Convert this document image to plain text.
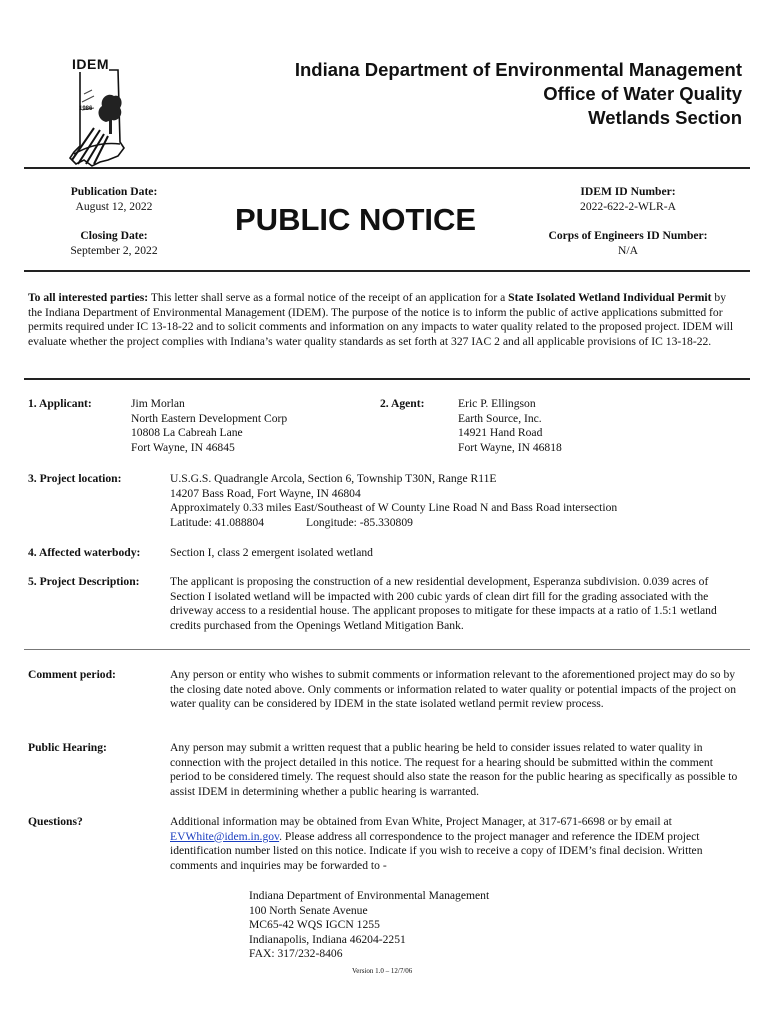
IDEM
1986
Indiana Department of Environmental Management
Office of Water Quality
Wetlands Section
Publication Date:
August 12, 2022
Closing Date:
September 2, 2022
PUBLIC NOTICE
IDEM ID Number:
2022-622-2-WLR-A
Corps of Engineers ID Number:
N/A
To all interested parties: This letter shall serve as a formal notice of the receipt of an application for a State Isolated Wetland Individual Permit by the Indiana Department of Environmental Management (IDEM). The purpose of the notice is to inform the public of active applications submitted for permits required under IC 13-18-22 and to solicit comments and information on any impacts to water quality related to the proposed project. IDEM will evaluate whether the project complies with Indiana’s water quality standards as set forth at 327 IAC 2 and all applicable provisions of IC 13-18-22.
1. Applicant:	Jim Morlan
North Eastern Development Corp
10808 La Cabreah Lane
Fort Wayne, IN 46845
2. Agent:	Eric P. Ellingson
Earth Source, Inc.
14921 Hand Road
Fort Wayne, IN 46818
3. Project location:	U.S.G.S. Quadrangle Arcola, Section 6, Township T30N, Range R11E
14207 Bass Road, Fort Wayne, IN 46804
Approximately 0.33 miles East/Southeast of W County Line Road N and Bass Road intersection
Latitude: 41.088804	Longitude: -85.330809
4. Affected waterbody:	Section I, class 2 emergent isolated wetland
5. Project Description:	The applicant is proposing the construction of a new residential development, Esperanza subdivision. 0.039 acres of Section I isolated wetland will be impacted with 200 cubic yards of clean dirt fill for the grading associated with the driveway access to a residential house. The applicant proposes to mitigate for these impacts at a ratio of 1.5:1 wetland credits purchased from the Openings Wetland Mitigation Bank.
Comment period:	Any person or entity who wishes to submit comments or information relevant to the aforementioned project may do so by the closing date noted above. Only comments or information related to water quality or potential impacts of the project on water quality can be considered by IDEM in the state isolated wetland permit review process.
Public Hearing:	Any person may submit a written request that a public hearing be held to consider issues related to water quality in connection with the project detailed in this notice. The request for a hearing should be submitted within the comment period to be considered timely. The request should also state the reason for the public hearing as specifically as possible to assist IDEM in determining whether a public hearing is warranted.
Questions?	Additional information may be obtained from Evan White, Project Manager, at 317-671-6698 or by email at EVWhite@idem.in.gov. Please address all correspondence to the project manager and reference the IDEM project identification number listed on this notice. Indicate if you wish to receive a copy of IDEM’s final decision. Written comments and inquiries may be forwarded to -
Indiana Department of Environmental Management
100 North Senate Avenue
MC65-42 WQS IGCN 1255
Indianapolis, Indiana 46204-2251
FAX: 317/232-8406
Version 1.0 – 12/7/06
